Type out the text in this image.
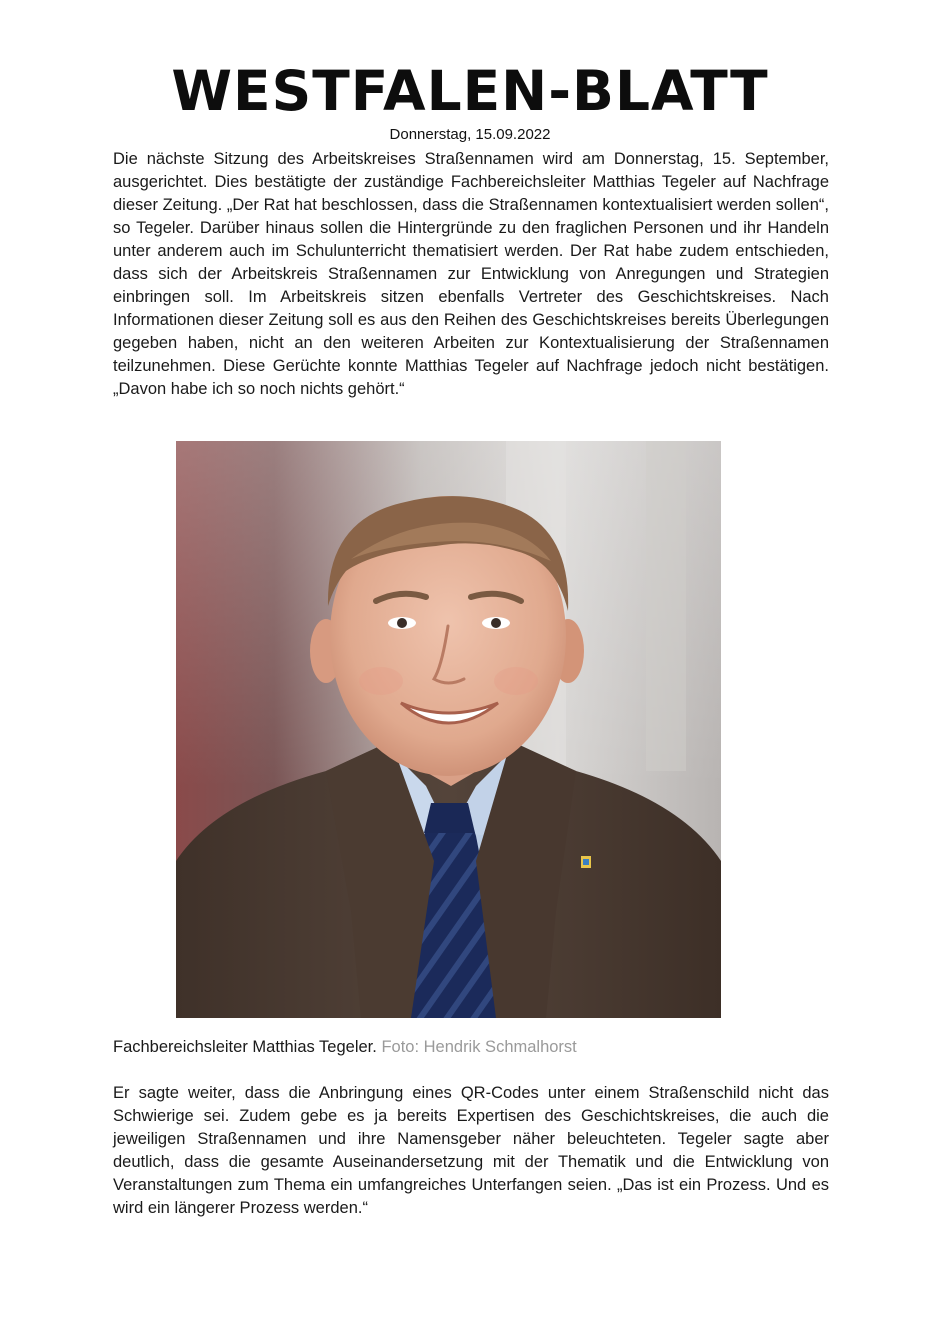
WESTFALEN-BLATT
Donnerstag, 15.09.2022

Die nächste Sitzung des Arbeitskreises Straßennamen wird am Donnerstag, 15. September, ausgerichtet. Dies bestätigte der zuständige Fachbereichsleiter Matthias Tegeler auf Nachfrage dieser Zeitung. „Der Rat hat beschlossen, dass die Straßennamen kontextualisiert werden sollen“, so Tegeler. Darüber hinaus sollen die Hintergründe zu den fraglichen Personen und ihr Handeln unter anderem auch im Schulunterricht thematisiert werden. Der Rat habe zudem entschieden, dass sich der Arbeitskreis Straßennamen zur Entwicklung von Anregungen und Strategien einbringen soll. Im Arbeitskreis sitzen ebenfalls Vertreter des Geschichtskreises. Nach Informationen dieser Zeitung soll es aus den Reihen des Geschichtskreises bereits Überlegungen gegeben haben, nicht an den weiteren Arbeiten zur Kontextualisierung der Straßennamen teilzunehmen. Diese Gerüchte konnte Matthias Tegeler auf Nachfrage jedoch nicht bestätigen. „Davon habe ich so noch nichts gehört.“

Fachbereichsleiter Matthias Tegeler. Foto: Hendrik Schmalhorst

Er sagte weiter, dass die Anbringung eines QR-Codes unter einem Straßenschild nicht das Schwierige sei. Zudem gebe es ja bereits Expertisen des Geschichtskreises, die auch die jeweiligen Straßennamen und ihre Namensgeber näher beleuchteten. Tegeler sagte aber deutlich, dass die gesamte Auseinandersetzung mit der Thematik und die Entwicklung von Veranstaltungen zum Thema ein umfangreiches Unterfangen seien. „Das ist ein Prozess. Und es wird ein längerer Prozess werden.“
